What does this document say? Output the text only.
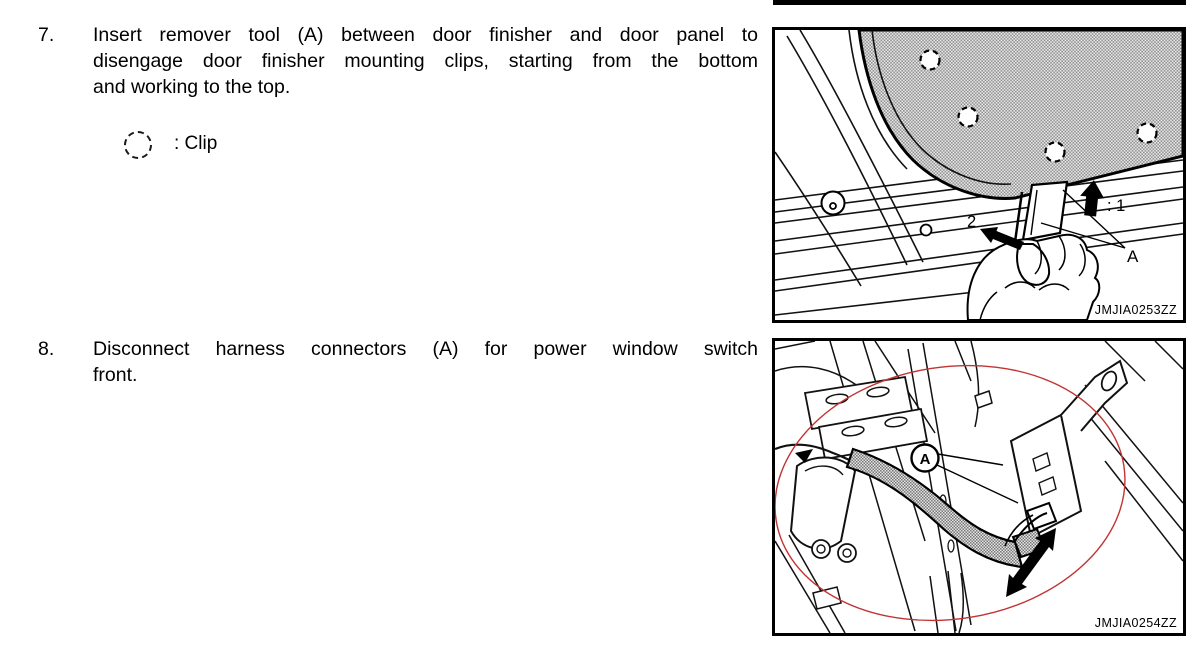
7. Insert remover tool (A) between door finisher and door panel to
disengage door finisher mounting clips, starting from the bottom
and working to the top.
: Clip
8. Disconnect harness connectors (A) for power window switch
front.
: 1
2
A
JMJIA0253ZZ
A
JMJIA0254ZZ
